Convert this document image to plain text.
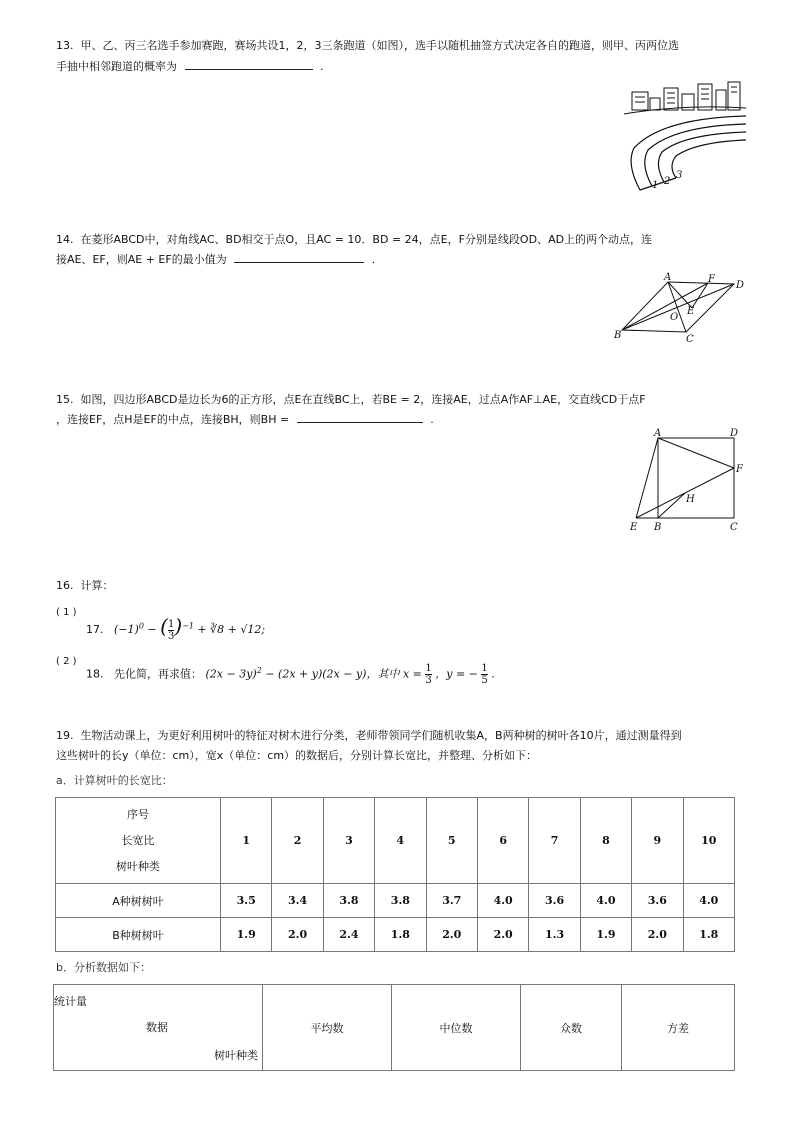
13. 甲、乙、丙三名选手参加赛跑，赛场共设1，2，3三条跑道（如图），选手以随机抽签方式决定各自的跑道，则甲、丙两位选
手抽中相邻跑道的概率为	.
1 2
3
14. 在菱形ABCD中，对角线AC、BD相交于点O，且AC = 10．BD = 24，点E，F分别是线段OD、AD上的两个动点，连
接AE、EF，则AE + EF的最小值为	.
A	F
D
E
O
B	C
15. 如图，四边形ABCD是边长为6的正方形，点E在直线BC上，若BE = 2，连接AE，过点A作AF⊥AE，交直线CD于点F
，连接EF，点H是EF的中点，连接BH，则BH =	.
A	D
F
H
E B	C
16. 计算：
( 1 )
17. $(-1)^0$ − ( $\frac{1}{3} )^{-1}$ + ∛8 + √12;
( 2 )
18. 先化简，再求值： $(2x - 3y)^2 - (2x + y)(2x - y)$，其中 $x = \frac{1}{3}$ ，y = − $\frac{1}{5}$ .
19. 生物活动课上，为更好利用树叶的特征对树木进行分类，老师带领同学们随机收集A，B两种树的树叶各10片，通过测量得到
这些树叶的长y（单位：cm），宽x（单位：cm）的数据后，分别计算长宽比，并整理、分析如下：
a．计算树叶的长宽比：
序号
长宽比
树叶种类	1	2	3	4	5	6	7	8	9	10
A种树树叶	3.5	3.4	3.8	3.8	3.7	4.0	3.6	4.0	3.6	4.0
B种树树叶	1.9	2.0	2.4	1.8	2.0	2.0	1.3	1.9	2.0	1.8
b．分析数据如下：
统计量
数据
树叶种类
	平均数	中位数	众数	方差
